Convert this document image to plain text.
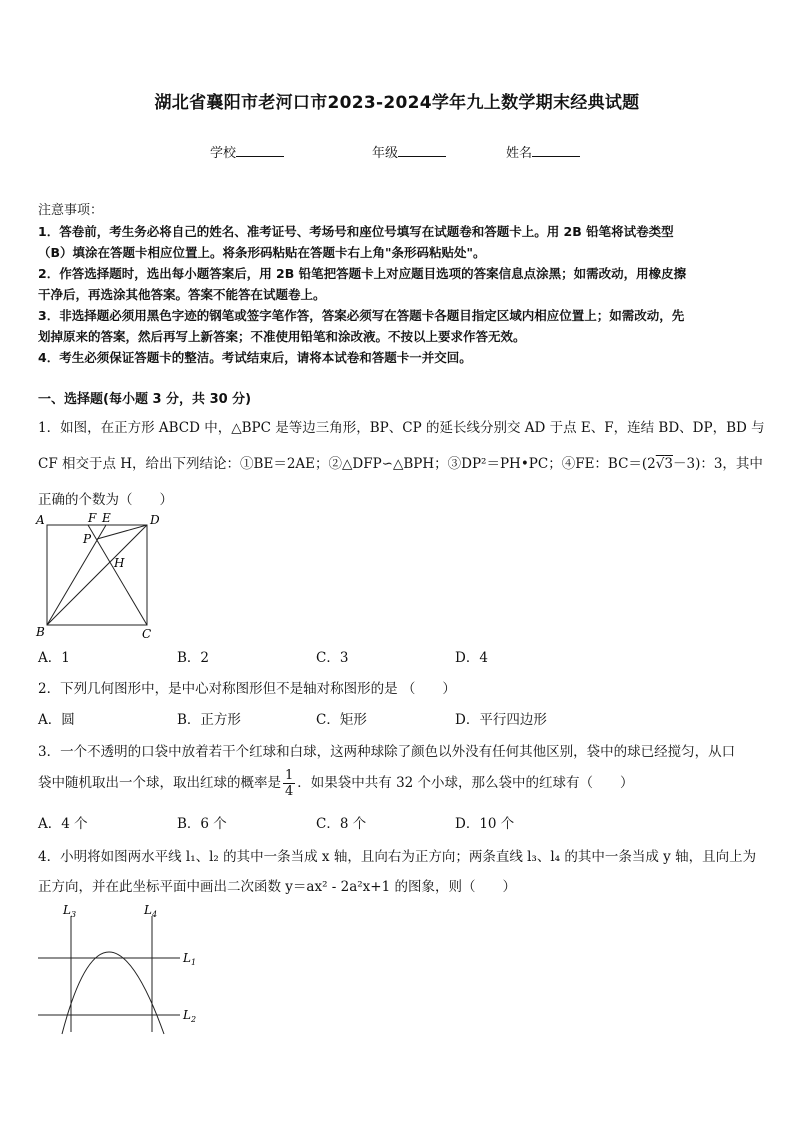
湖北省襄阳市老河口市2023-2024学年九上数学期末经典试题
学校	年级	姓名
注意事项：
1．答卷前，考生务必将自己的姓名、准考证号、考场号和座位号填写在试题卷和答题卡上。用 2B 铅笔将试卷类型
（B）填涂在答题卡相应位置上。将条形码粘贴在答题卡右上角"条形码粘贴处"。
2．作答选择题时，选出每小题答案后，用 2B 铅笔把答题卡上对应题目选项的答案信息点涂黑；如需改动，用橡皮擦
干净后，再选涂其他答案。答案不能答在试题卷上。
3．非选择题必须用黑色字迹的钢笔或签字笔作答，答案必须写在答题卡各题目指定区域内相应位置上；如需改动，先
划掉原来的答案，然后再写上新答案；不准使用铅笔和涂改液。不按以上要求作答无效。
4．考生必须保证答题卡的整洁。考试结束后，请将本试卷和答题卡一并交回。
一、选择题(每小题 3 分，共 30 分)
1．如图，在正方形 ABCD 中，△BPC 是等边三角形，BP、CP 的延长线分别交 AD 于点 E、F，连结 BD、DP，BD 与
CF 相交于点 H，给出下列结论：①BE＝2AE；②△DFP∽△BPH；③DP²＝PH•PC；④FE：BC＝(2√3－3)：3，其中
正确的个数为（　　）
A	F E	D
P
H
B	C
A．1	B．2	C．3	D．4
2．下列几何图形中，是中心对称图形但不是轴对称图形的是 （　　）
A．圆	B．正方形	C．矩形	D．平行四边形
3．一个不透明的口袋中放着若干个红球和白球，这两种球除了颜色以外没有任何其他区别，袋中的球已经搅匀，从口
袋中随机取出一个球，取出红球的概率是 $\frac{1}{4}$ ．如果袋中共有 32 个小球，那么袋中的红球有（　　）
A．4 个	B．6 个	C．8 个	D．10 个
4．小明将如图两水平线 l₁、l₂ 的其中一条当成 x 轴，且向右为正方向；两条直线 l₃、l₄ 的其中一条当成 y 轴，且向上为
正方向，并在此坐标平面中画出二次函数 y＝ax² - 2a²x+1 的图象，则（　　）
$L_3$	$L_4$
$L_1$
$L_2$
